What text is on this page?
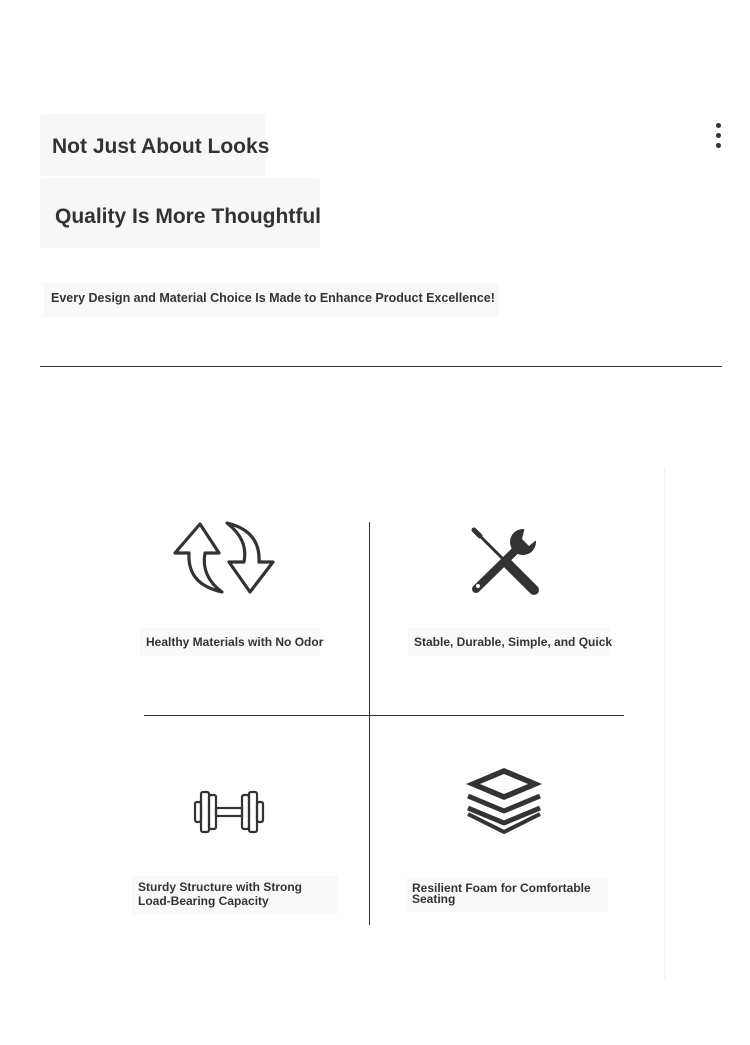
Not Just About Looks
Quality Is More Thoughtful
Every Design and Material Choice Is Made to Enhance Product Excellence!
Healthy Materials with No Odor	Stable, Durable, Simple, and Quick
Sturdy Structure with Strong Load-Bearing Capacity
Resilient Foam for Comfortable Seating
